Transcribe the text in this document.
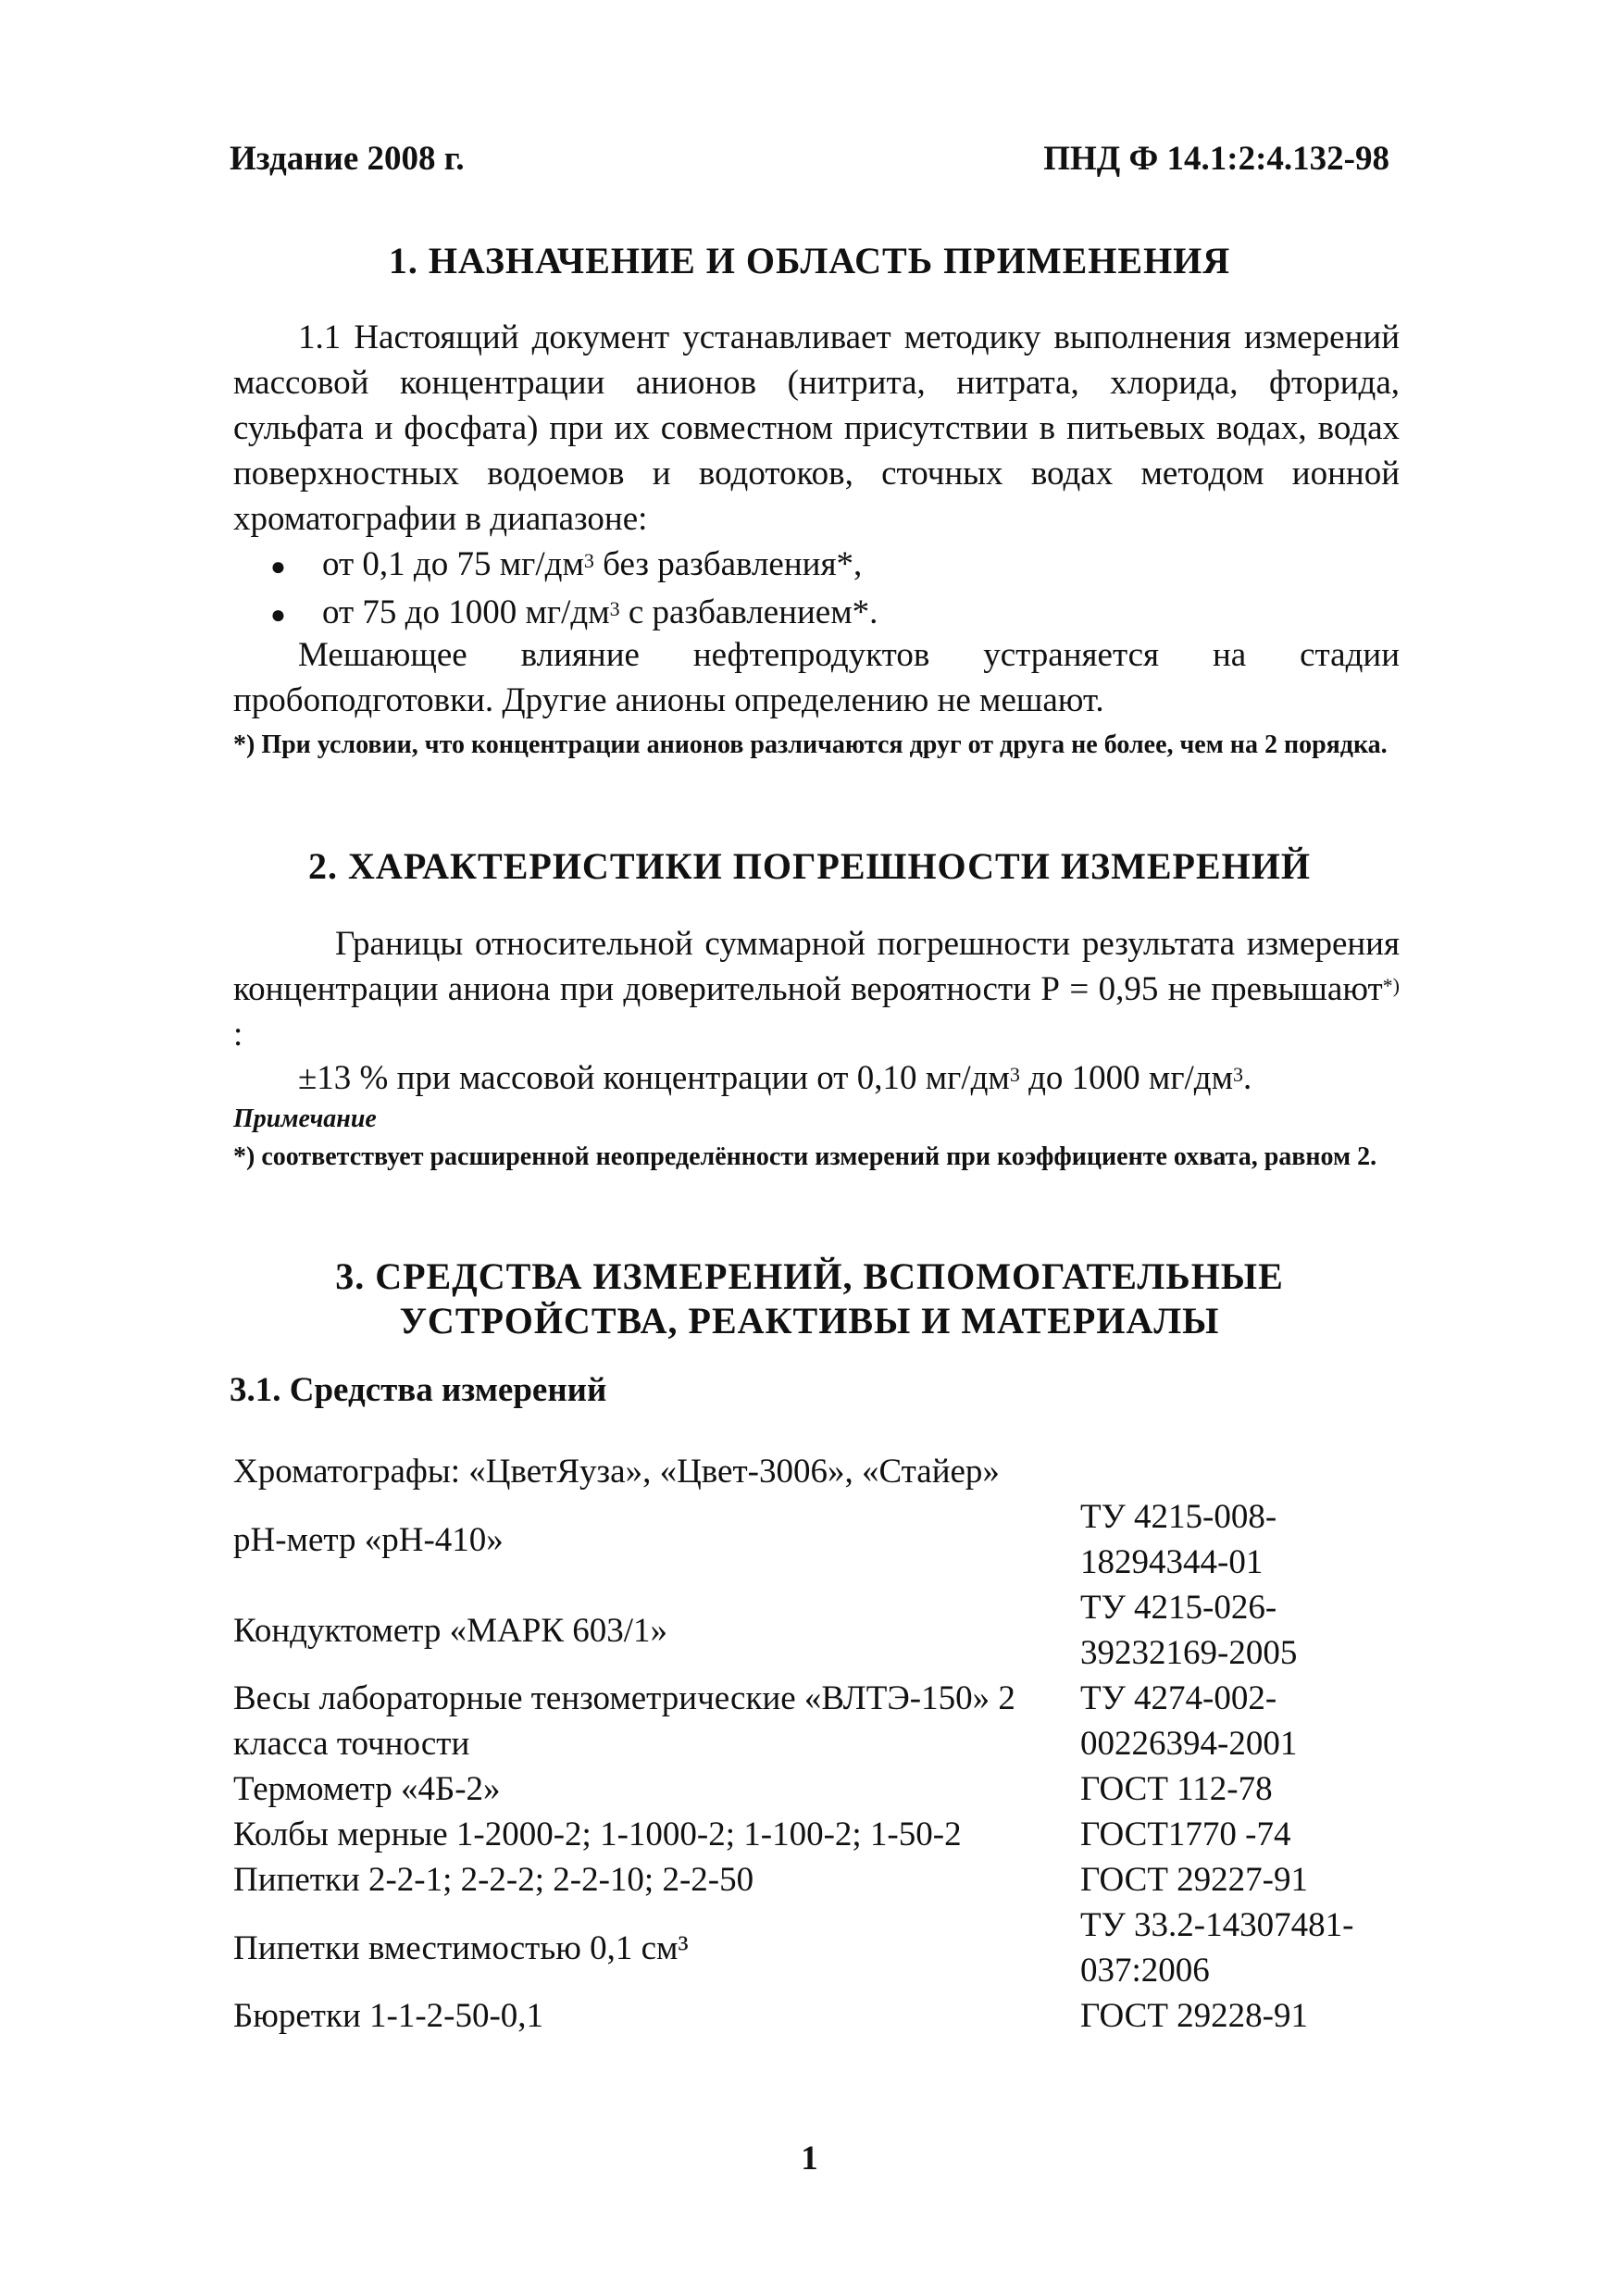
Издание 2008 г.	ПНД Ф 14.1:2:4.132-98
1. НАЗНАЧЕНИЕ И ОБЛАСТЬ ПРИМЕНЕНИЯ
1.1 Настоящий документ устанавливает методику выполнения измерений массовой концентрации анионов (нитрита, нитрата, хлорида, фторида, сульфата и фосфата) при их совместном присутствии в питьевых водах, водах поверхностных водоемов и водотоков, сточных водах методом ионной хроматографии в диапазоне:
●	от 0,1 до 75 $мг/дм^3$ без разбавления*,
●	от 75 до 1000 $мг/дм^3$ с разбавлением*.
Мешающее влияние нефтепродуктов устраняется на стадии пробоподготовки. Другие анионы определению не мешают.
*) При условии, что концентрации анионов различаются друг от друга не более, чем на 2 порядка.
2. ХАРАКТЕРИСТИКИ ПОГРЕШНОСТИ ИЗМЕРЕНИЙ
Границы относительной суммарной погрешности результата измерения концентрации аниона при доверительной вероятности Р = 0,95 не превышают*) :
±13 % при массовой концентрации от 0,10 $мг/дм^3$ до 1000 $мг/дм^3$.
Примечание
*) соответствует расширенной неопределённости измерений при коэффициенте охвата, равном 2.
3. СРЕДСТВА ИЗМЕРЕНИЙ, ВСПОМОГАТЕЛЬНЫЕ
УСТРОЙСТВА, РЕАКТИВЫ И МАТЕРИАЛЫ
3.1. Средства измерений
Хроматографы: «ЦветЯуза», «Цвет-3006», «Стайер»	
рН-метр «рН-410»	ТУ 4215-008-18294344-01
Кондуктометр «МАРК 603/1»	ТУ 4215-026-39232169-2005
Весы лабораторные тензометрические «ВЛТЭ-150» 2 класса точности	ТУ 4274-002-00226394-2001
Термометр «4Б-2»	ГОСТ 112-78
Колбы мерные 1-2000-2; 1-1000-2; 1-100-2; 1-50-2	ГОСТ1770 -74
Пипетки 2-2-1; 2-2-2; 2-2-10; 2-2-50	ГОСТ 29227-91
Пипетки вместимостью 0,1 см³	ТУ 33.2-14307481-037:2006
Бюретки 1-1-2-50-0,1	ГОСТ 29228-91
1
